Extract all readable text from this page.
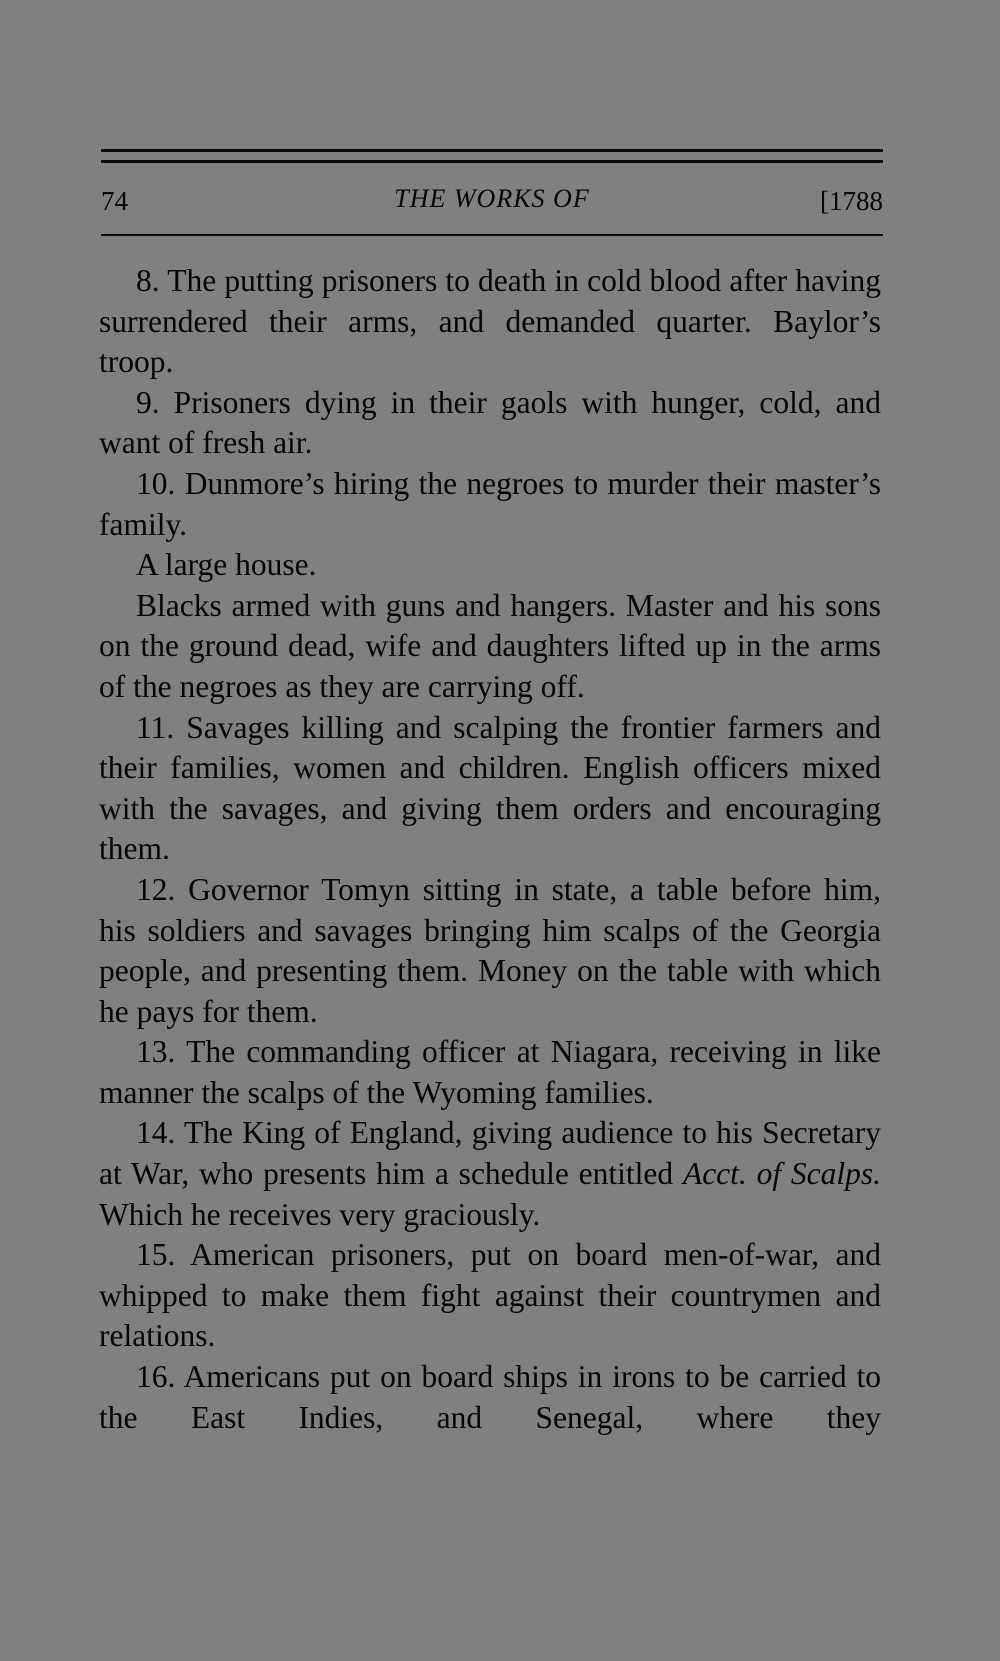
74	THE WORKS OF	[1788

8. The putting prisoners to death in cold blood after having surrendered their arms, and demanded quarter. Baylor’s troop.

9. Prisoners dying in their gaols with hunger, cold, and want of fresh air.

10. Dunmore’s hiring the negroes to murder their master’s family.

A large house.

Blacks armed with guns and hangers. Master and his sons on the ground dead, wife and daughters lifted up in the arms of the negroes as they are carrying off.

11. Savages killing and scalping the frontier farmers and their families, women and children. English officers mixed with the savages, and giving them orders and encouraging them.

12. Governor Tomyn sitting in state, a table before him, his soldiers and savages bringing him scalps of the Georgia people, and presenting them. Money on the table with which he pays for them.

13. The commanding officer at Niagara, receiving in like manner the scalps of the Wyoming families.

14. The King of England, giving audience to his Secretary at War, who presents him a schedule entitled Acct. of Scalps. Which he receives very graciously.

15. American prisoners, put on board men-of-war, and whipped to make them fight against their countrymen and relations.

16. Americans put on board ships in irons to be carried to the East Indies, and Senegal, where they
